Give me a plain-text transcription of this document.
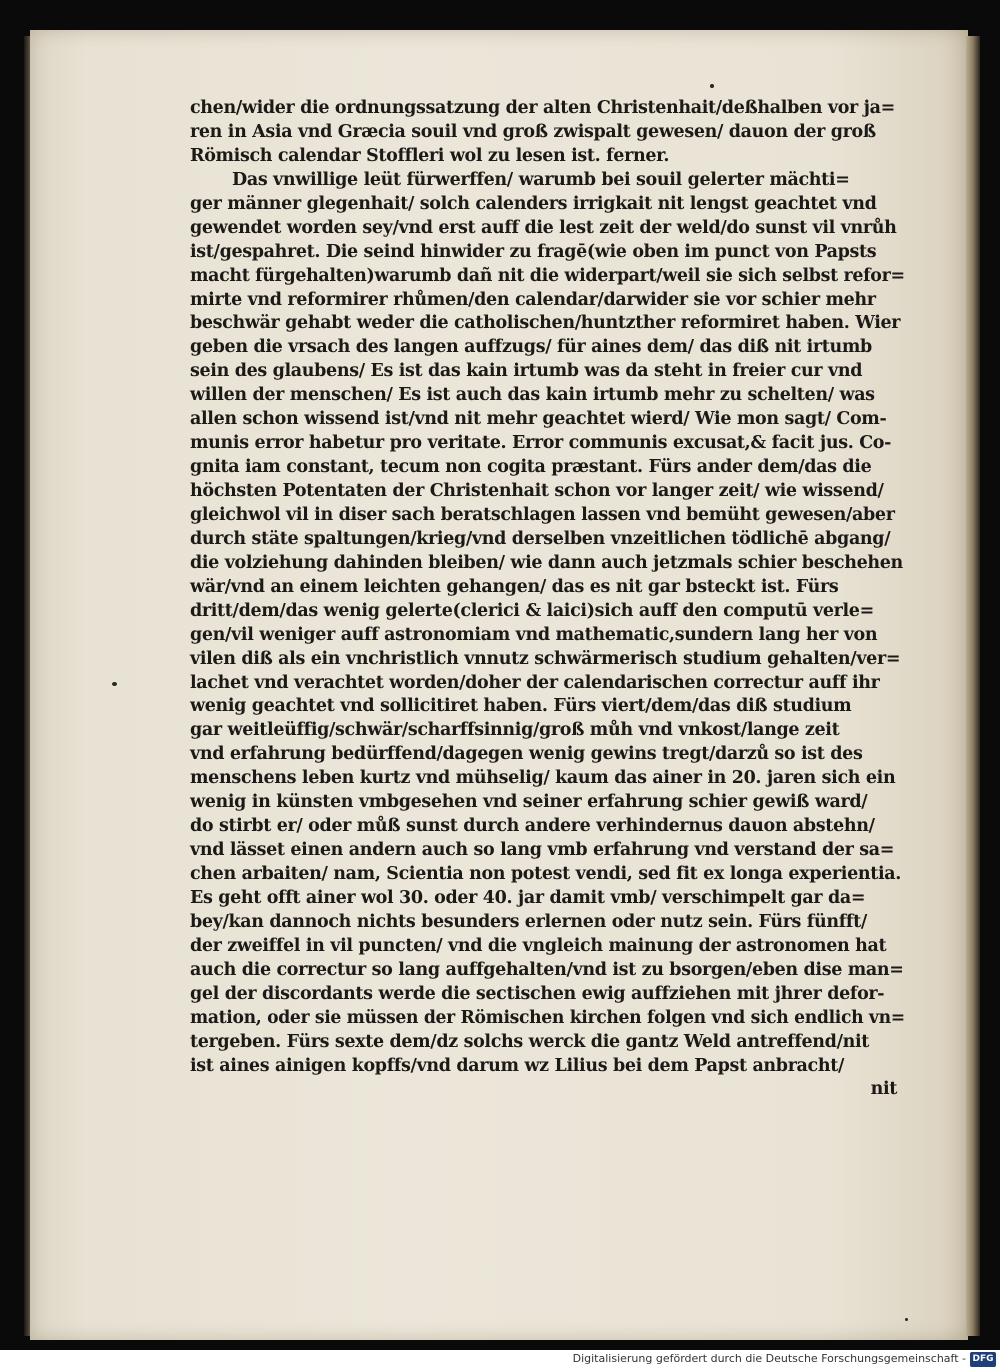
chen/wider die ordnungssatzung der alten Christenhait/deßhalben vor ja=
ren in Asia vnd Græcia souil vnd groß zwispalt gewesen/ dauon der groß
Römisch calendar Stoffleri wol zu lesen ist. ferner.
Das vnwillige leüt fürwerffen/ warumb bei souil gelerter mächti=
ger männer glegenhait/ solch calenders irrigkait nit lengst geachtet vnd
gewendet worden sey/vnd erst auff die lest zeit der weld/do sunst vil vnrůh
ist/gespahret. Die seind hinwider zu fragē(wie oben im punct von Papsts
macht fürgehalten)warumb dañ nit die widerpart/weil sie sich selbst refor=
mirte vnd reformirer rhůmen/den calendar/darwider sie vor schier mehr
beschwär gehabt weder die catholischen/huntzther reformiret haben. Wier
geben die vrsach des langen auffzugs/ für aines dem/ das diß nit irtumb
sein des glaubens/ Es ist das kain irtumb was da steht in freier cur vnd
willen der menschen/ Es ist auch das kain irtumb mehr zu schelten/ was
allen schon wissend ist/vnd nit mehr geachtet wierd/ Wie mon sagt/ Com-
munis error habetur pro veritate. Error communis excusat,& facit jus. Co-
gnita iam constant, tecum non cogita præstant. Fürs ander dem/das die
höchsten Potentaten der Christenhait schon vor langer zeit/ wie wissend/
gleichwol vil in diser sach beratschlagen lassen vnd bemüht gewesen/aber
durch stäte spaltungen/krieg/vnd derselben vnzeitlichen tödlichē abgang/
die volziehung dahinden bleiben/ wie dann auch jetzmals schier beschehen
wär/vnd an einem leichten gehangen/ das es nit gar bsteckt ist. Fürs
dritt/dem/das wenig gelerte(clerici & laici)sich auff den computū verle=
gen/vil weniger auff astronomiam vnd mathematic,sundern lang her von
vilen diß als ein vnchristlich vnnutz schwärmerisch studium gehalten/ver=
lachet vnd verachtet worden/doher der calendarischen correctur auff ihr
wenig geachtet vnd sollicitiret haben. Fürs viert/dem/das diß studium
gar weitleüffig/schwär/scharffsinnig/groß můh vnd vnkost/lange zeit
vnd erfahrung bedürffend/dagegen wenig gewins tregt/darzů so ist des
menschens leben kurtz vnd mühselig/ kaum das ainer in 20. jaren sich ein
wenig in künsten vmbgesehen vnd seiner erfahrung schier gewiß ward/
do stirbt er/ oder můß sunst durch andere verhindernus dauon abstehn/
vnd lässet einen andern auch so lang vmb erfahrung vnd verstand der sa=
chen arbaiten/ nam, Scientia non potest vendi, sed fit ex longa experientia.
Es geht offt ainer wol 30. oder 40. jar damit vmb/ verschimpelt gar da=
bey/kan dannoch nichts besunders erlernen oder nutz sein. Fürs fünfft/
der zweiffel in vil puncten/ vnd die vngleich mainung der astronomen hat
auch die correctur so lang auffgehalten/vnd ist zu bsorgen/eben dise man=
gel der discordants werde die sectischen ewig auffziehen mit jhrer defor-
mation, oder sie müssen der Römischen kirchen folgen vnd sich endlich vn=
tergeben. Fürs sexte dem/dz solchs werck die gantz Weld antreffend/nit
ist aines ainigen kopffs/vnd darum wz Lilius bei dem Papst anbracht/
nit
Digitalisierung gefördert durch die Deutsche Forschungsgemeinschaft - DFG
